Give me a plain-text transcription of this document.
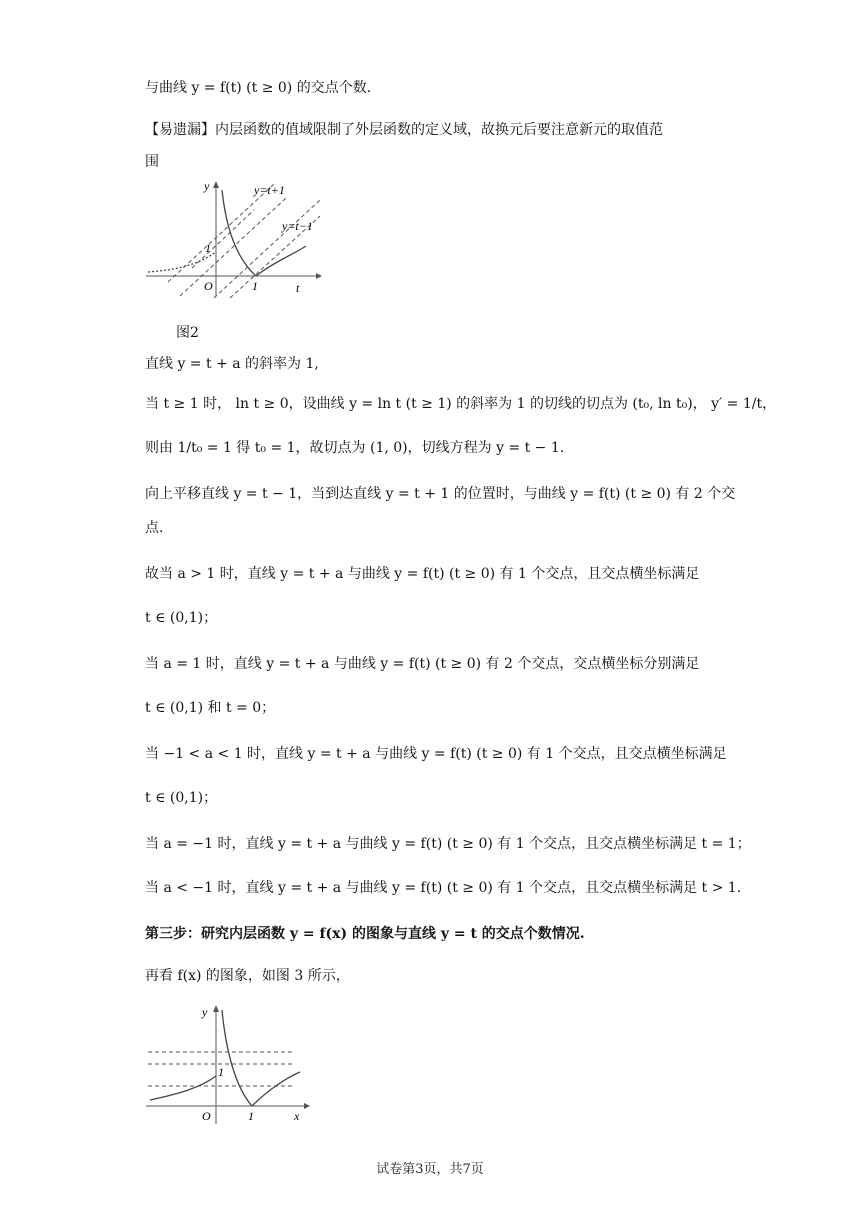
与曲线 y = f(t) (t ≥ 0) 的交点个数.
【易遗漏】内层函数的值域限制了外层函数的定义域，故换元后要注意新元的取值范
围
y
t
O	1
1
y=t+1
y=t−1
图2
直线 y = t + a 的斜率为 1,
当 t ≥ 1 时， ln t ≥ 0，设曲线 y = ln t (t ≥ 1) 的斜率为 1 的切线的切点为 (t₀, ln t₀)， y′ = 1/t，
则由 1/t₀ = 1 得 t₀ = 1，故切点为 (1, 0)，切线方程为 y = t − 1.
向上平移直线 y = t − 1，当到达直线 y = t + 1 的位置时，与曲线 y = f(t) (t ≥ 0) 有 2 个交
点.
故当 a > 1 时，直线 y = t + a 与曲线 y = f(t) (t ≥ 0) 有 1 个交点，且交点横坐标满足
t ∈ (0,1)；
当 a = 1 时，直线 y = t + a 与曲线 y = f(t) (t ≥ 0) 有 2 个交点，交点横坐标分别满足
t ∈ (0,1) 和 t = 0；
当 −1 < a < 1 时，直线 y = t + a 与曲线 y = f(t) (t ≥ 0) 有 1 个交点，且交点横坐标满足
t ∈ (0,1)；
当 a = −1 时，直线 y = t + a 与曲线 y = f(t) (t ≥ 0) 有 1 个交点，且交点横坐标满足 t = 1；
当 a < −1 时，直线 y = t + a 与曲线 y = f(t) (t ≥ 0) 有 1 个交点，且交点横坐标满足 t > 1.
第三步：研究内层函数 y = f(x) 的图象与直线 y = t 的交点个数情况.
再看 f(x) 的图象，如图 3 所示，
y
x
O	1
1
试卷第3页，共7页
